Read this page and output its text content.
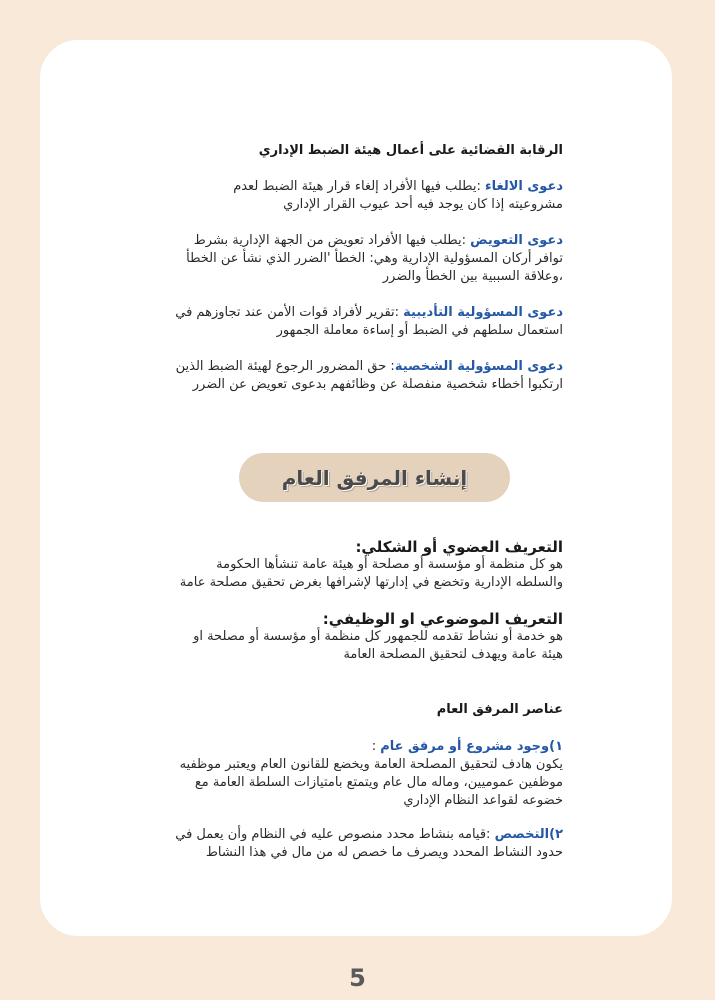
الرقابة القضائية على أعمال هيئة الضبط الإداري
دعوى الالغاء :يطلب فيها الأفراد إلغاء قرار هيئة الضبط لعدم
مشروعيته إذا كان يوجد فيه أحد عيوب القرار الإداري
دعوى التعويض :يطلب فيها الأفراد تعويض من الجهة الإدارية بشرط
توافر أركان المسؤولية الإدارية وهي: الخطأ 'الضرر الذي نشأ عن الخطأ
،وعلاقة السببية بين الخطأ والضرر
دعوى المسؤولية التأديبية :تقرير لأفراد قوات الأمن عند تجاوزهم في
استعمال سلطهم في الضبط أو إساءة معاملة الجمهور
دعوى المسؤولية الشخصية: حق المضرور الرجوع لهيئة الضبط الذين
ارتكبوا أخطاء شخصية منفصلة عن وظائفهم بدعوى تعويض عن الضرر
إنشاء المرفق العام
التعريف العضوي أو الشكلي:
هو كل منظمة أو مؤسسة أو مصلحة أو هيئة عامة تنشأها الحكومة
والسلطه الإدارية وتخضع في إدارتها لإشرافها بغرض تحقيق مصلحة عامة
التعريف الموضوعي او الوظيفي:
هو خدمة أو نشاط تقدمه للجمهور كل منظمة أو مؤسسة أو مصلحة او
هيئة عامة ويهدف لتحقيق المصلحة العامة
عناصر المرفق العام
١)وجود مشروع أو مرفق عام :
يكون هادف لتحقيق المصلحة العامة ويخضع للقانون العام ويعتبر موظفيه
موظفين عموميين، وماله مال عام ويتمتع بامتيازات السلطة العامة مع
خضوعه لقواعد النظام الإداري
٢)التخصص :قيامه بنشاط محدد منصوص عليه في النظام وأن يعمل في
حدود النشاط المحدد ويصرف ما خصص له من مال في هذا النشاط
5
